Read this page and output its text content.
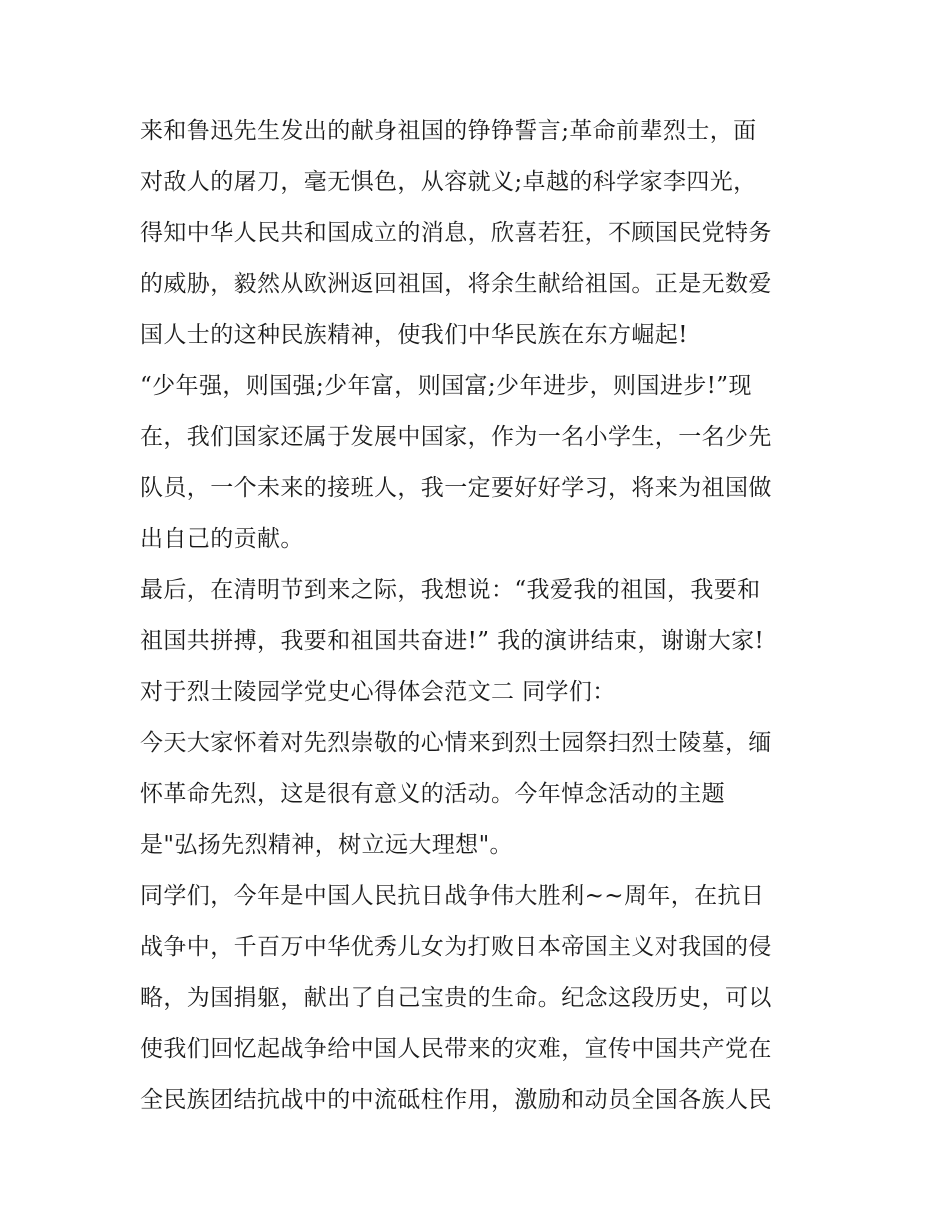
来和鲁迅先生发出的献身祖国的铮铮誓言;革命前辈烈士，面
对敌人的屠刀，毫无惧色，从容就义;卓越的科学家李四光，
得知中华人民共和国成立的消息，欣喜若狂，不顾国民党特务
的威胁，毅然从欧洲返回祖国，将余生献给祖国。正是无数爱
国人士的这种民族精神，使我们中华民族在东方崛起!
“少年强，则国强;少年富，则国富;少年进步，则国进步!”现
在，我们国家还属于发展中国家，作为一名小学生，一名少先
队员，一个未来的接班人，我一定要好好学习，将来为祖国做
出自己的贡献。
最后，在清明节到来之际，我想说：“我爱我的祖国，我要和
祖国共拼搏，我要和祖国共奋进!” 我的演讲结束，谢谢大家!
对于烈士陵园学党史心得体会范文二 同学们：
今天大家怀着对先烈崇敬的心情来到烈士园祭扫烈士陵墓，缅
怀革命先烈，这是很有意义的活动。今年悼念活动的主题
是"弘扬先烈精神，树立远大理想"。
同学们，今年是中国人民抗日战争伟大胜利~~周年，在抗日
战争中，千百万中华优秀儿女为打败日本帝国主义对我国的侵
略，为国捐躯，献出了自己宝贵的生命。纪念这段历史，可以
使我们回忆起战争给中国人民带来的灾难，宣传中国共产党在
全民族团结抗战中的中流砥柱作用，激励和动员全国各族人民
